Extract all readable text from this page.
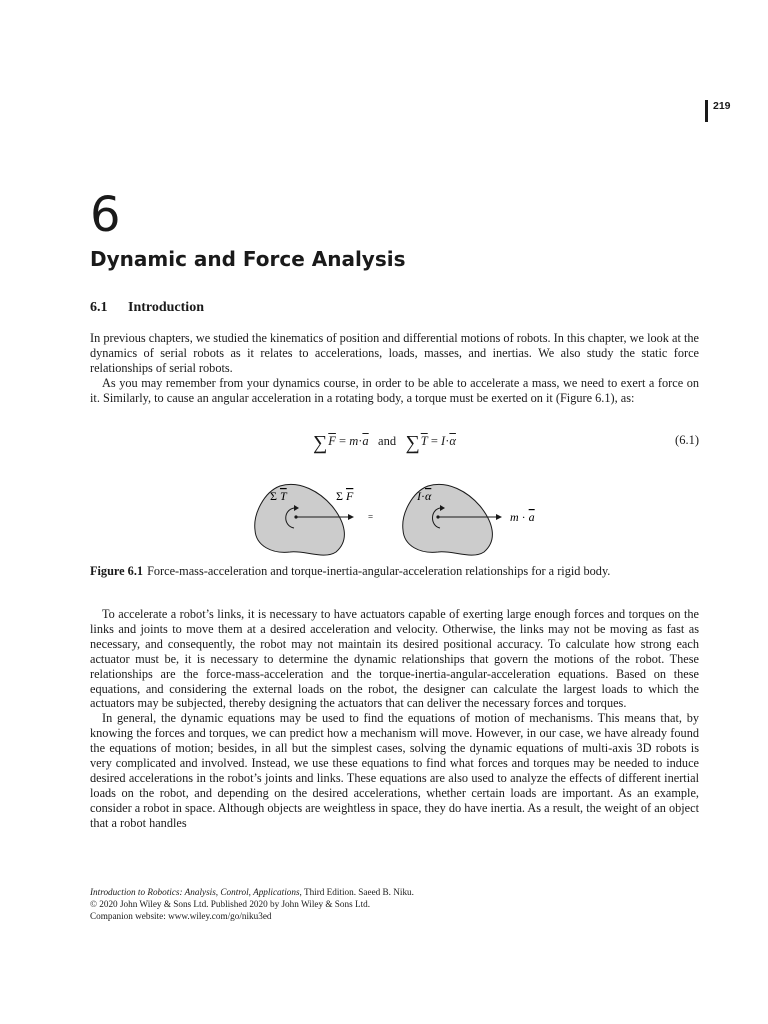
219
6
Dynamic and Force Analysis
6.1 Introduction

In previous chapters, we studied the kinematics of position and differential motions of robots. In this chapter, we look at the dynamics of serial robots as it relates to accelerations, loads, masses, and inertias. We also study the static force relationships of serial robots.

As you may remember from your dynamics course, in order to be able to accelerate a mass, we need to exert a force on it. Similarly, to cause an angular acceleration in a rotating body, a torque must be exerted on it (Figure 6.1), as:

$\sum\overline{F} = m\cdot\overline{a}$ and $\sum\overline{T} = I\cdot\overline{\alpha}$	(6.1)
Σ T	Σ F
=
I·α
m · a
Figure 6.1 Force-mass-acceleration and torque-inertia-angular-acceleration relationships for a rigid body.

To accelerate a robot’s links, it is necessary to have actuators capable of exerting large enough forces and torques on the links and joints to move them at a desired acceleration and velocity. Otherwise, the links may not be moving as fast as necessary, and consequently, the robot may not maintain its desired positional accuracy. To calculate how strong each actuator must be, it is necessary to determine the dynamic relationships that govern the motions of the robot. These relationships are the force-mass-acceleration and the torque-inertia-angular-acceleration equations. Based on these equations, and considering the external loads on the robot, the designer can calculate the largest loads to which the actuators may be subjected, thereby designing the actuators that can deliver the necessary forces and torques.

In general, the dynamic equations may be used to find the equations of motion of mechanisms. This means that, by knowing the forces and torques, we can predict how a mechanism will move. However, in our case, we have already found the equations of motion; besides, in all but the simplest cases, solving the dynamic equations of multi-axis 3D robots is very complicated and involved. Instead, we use these equations to find what forces and torques may be needed to induce desired accelerations in the robot’s joints and links. These equations are also used to analyze the effects of different inertial loads on the robot, and depending on the desired accelerations, whether certain loads are important. As an example, consider a robot in space. Although objects are weightless in space, they do have inertia. As a result, the weight of an object that a robot handles

Introduction to Robotics: Analysis, Control, Applications, Third Edition. Saeed B. Niku.
© 2020 John Wiley & Sons Ltd. Published 2020 by John Wiley & Sons Ltd.
Companion website: www.wiley.com/go/niku3ed
